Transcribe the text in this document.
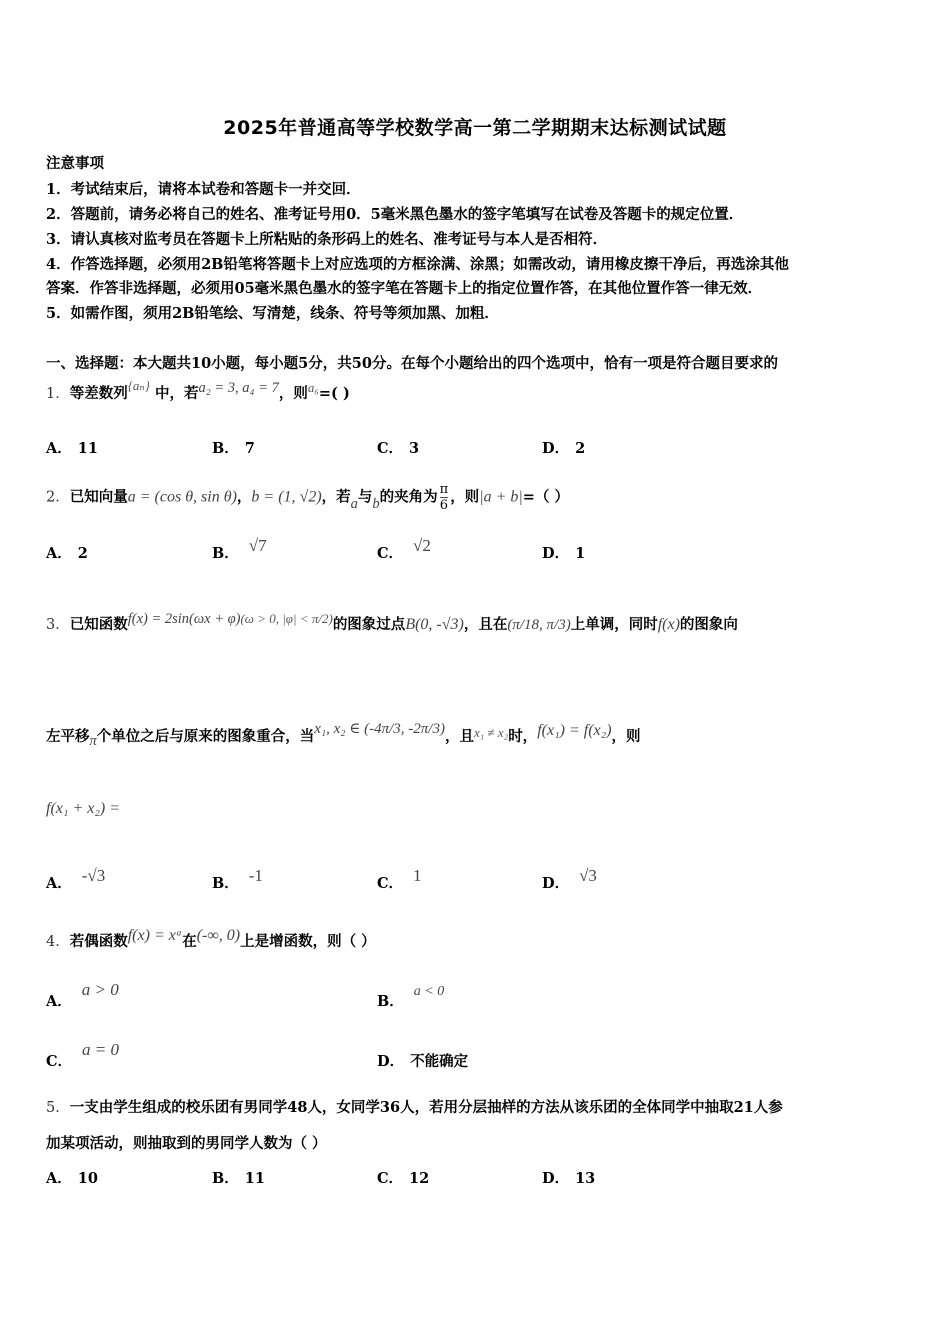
2025年普通高等学校数学高一第二学期期末达标测试试题
注意事项
1．考试结束后，请将本试卷和答题卡一并交回．
2．答题前，请务必将自己的姓名、准考证号用0．5毫米黑色墨水的签字笔填写在试卷及答题卡的规定位置．
3．请认真核对监考员在答题卡上所粘贴的条形码上的姓名、准考证号与本人是否相符．
4．作答选择题，必须用2B铅笔将答题卡上对应选项的方框涂满、涂黑；如需改动，请用橡皮擦干净后，再选涂其他
答案．作答非选择题，必须用05毫米黑色墨水的签字笔在答题卡上的指定位置作答，在其他位置作答一律无效．
5．如需作图，须用2B铅笔绘、写清楚，线条、符号等须加黑、加粗．
一、选择题：本大题共10小题，每小题5分，共50分。在每个小题给出的四个选项中，恰有一项是符合题目要求的
1．等差数列{aₙ} 中，若a₂ = 3, a₄ = 7，则a₆=( )
A． 11	B． 7	C． 3	D． 2
2．已知向量a = (cos θ, sin θ)，b = (1, √2)，若a与b的夹角为 $\frac{\pi}{6}$ ，则|a + b|=（ ）
A． 2	B． √7	C． √2	D． 1
3．已知函数f(x) = 2sin(ωx + φ)(ω > 0, |φ| < π/2)的图象过点B(0, -√3)，且在(π/18, π/3)上单调，同时f(x)的图象向
左平移π个单位之后与原来的图象重合，当x₁, x₂ ∈ (-4π/3, -2π/3)，且x₁ ≠ x₂时，f(x₁) = f(x₂)，则
f(x₁ + x₂) =
A． -√3	B． -1	C． 1	D． √3
4．若偶函数f(x) = xᵃ在(-∞, 0)上是增函数，则（ ）
A．a > 0
B．a < 0
C．a = 0
D． 不能确定
5．一支由学生组成的校乐团有男同学48人，女同学36人，若用分层抽样的方法从该乐团的全体同学中抽取21人参
加某项活动，则抽取到的男同学人数为（ ）
A． 10	B． 11	C． 12	D． 13
